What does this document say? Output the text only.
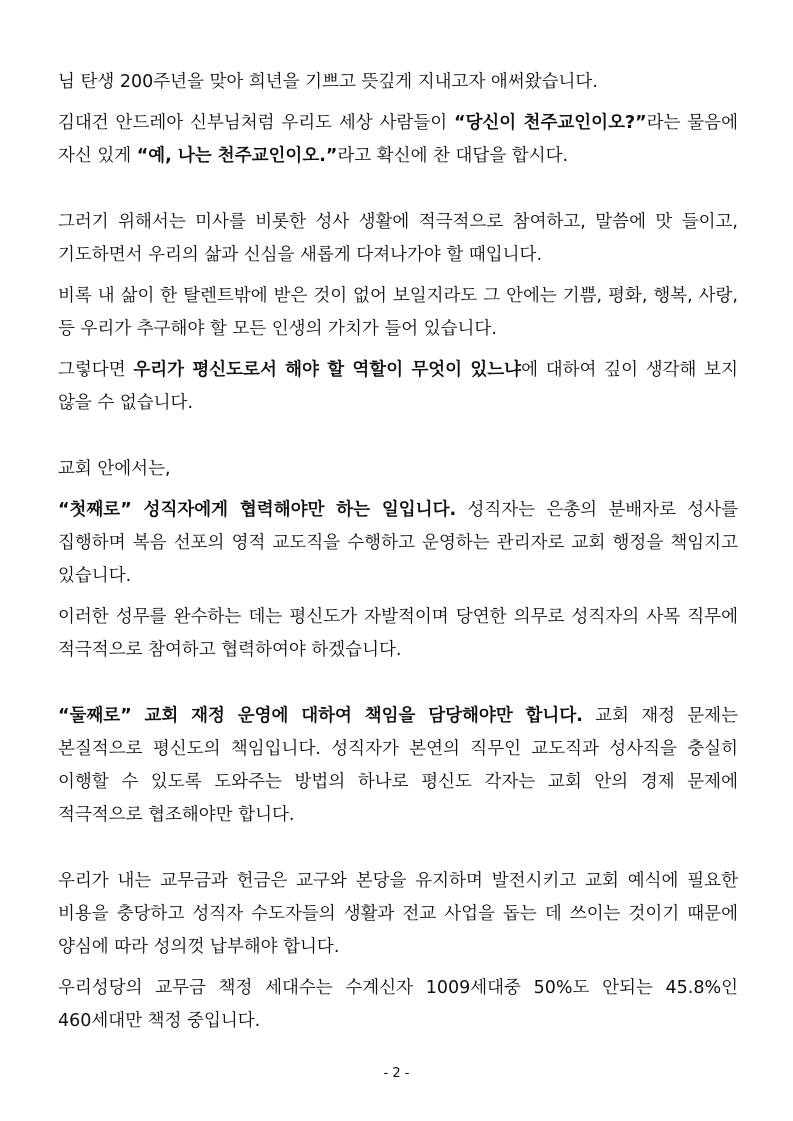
님 탄생 200주년을 맞아 희년을 기쁘고 뜻깊게 지내고자 애써왔습니다.

김대건 안드레아 신부님처럼 우리도 세상 사람들이 “당신이 천주교인이오?”라는 물음에 자신 있게 “예, 나는 천주교인이오.”라고 확신에 찬 대답을 합시다.

그러기 위해서는 미사를 비롯한 성사 생활에 적극적으로 참여하고, 말씀에 맛 들이고, 기도하면서 우리의 삶과 신심을 새롭게 다져나가야 할 때입니다.

비록 내 삶이 한 탈렌트밖에 받은 것이 없어 보일지라도 그 안에는 기쁨, 평화, 행복, 사랑, 등 우리가 추구해야 할 모든 인생의 가치가 들어 있습니다.

그렇다면 우리가 평신도로서 해야 할 역할이 무엇이 있느냐에 대하여 깊이 생각해 보지 않을 수 없습니다.

교회 안에서는,

“첫째로” 성직자에게 협력해야만 하는 일입니다. 성직자는 은총의 분배자로 성사를 집행하며 복음 선포의 영적 교도직을 수행하고 운영하는 관리자로 교회 행정을 책임지고 있습니다.

이러한 성무를 완수하는 데는 평신도가 자발적이며 당연한 의무로 성직자의 사목 직무에 적극적으로 참여하고 협력하여야 하겠습니다.

“둘째로” 교회 재정 운영에 대하여 책임을 담당해야만 합니다. 교회 재정 문제는 본질적으로 평신도의 책임입니다. 성직자가 본연의 직무인 교도직과 성사직을 충실히 이행할 수 있도록 도와주는 방법의 하나로 평신도 각자는 교회 안의 경제 문제에 적극적으로 협조해야만 합니다.

우리가 내는 교무금과 헌금은 교구와 본당을 유지하며 발전시키고 교회 예식에 필요한 비용을 충당하고 성직자 수도자들의 생활과 전교 사업을 돕는 데 쓰이는 것이기 때문에 양심에 따라 성의껏 납부해야 합니다.

우리성당의 교무금 책정 세대수는 수계신자 1009세대중 50%도 안되는 45.8%인 460세대만 책정 중입니다.

- 2 -
